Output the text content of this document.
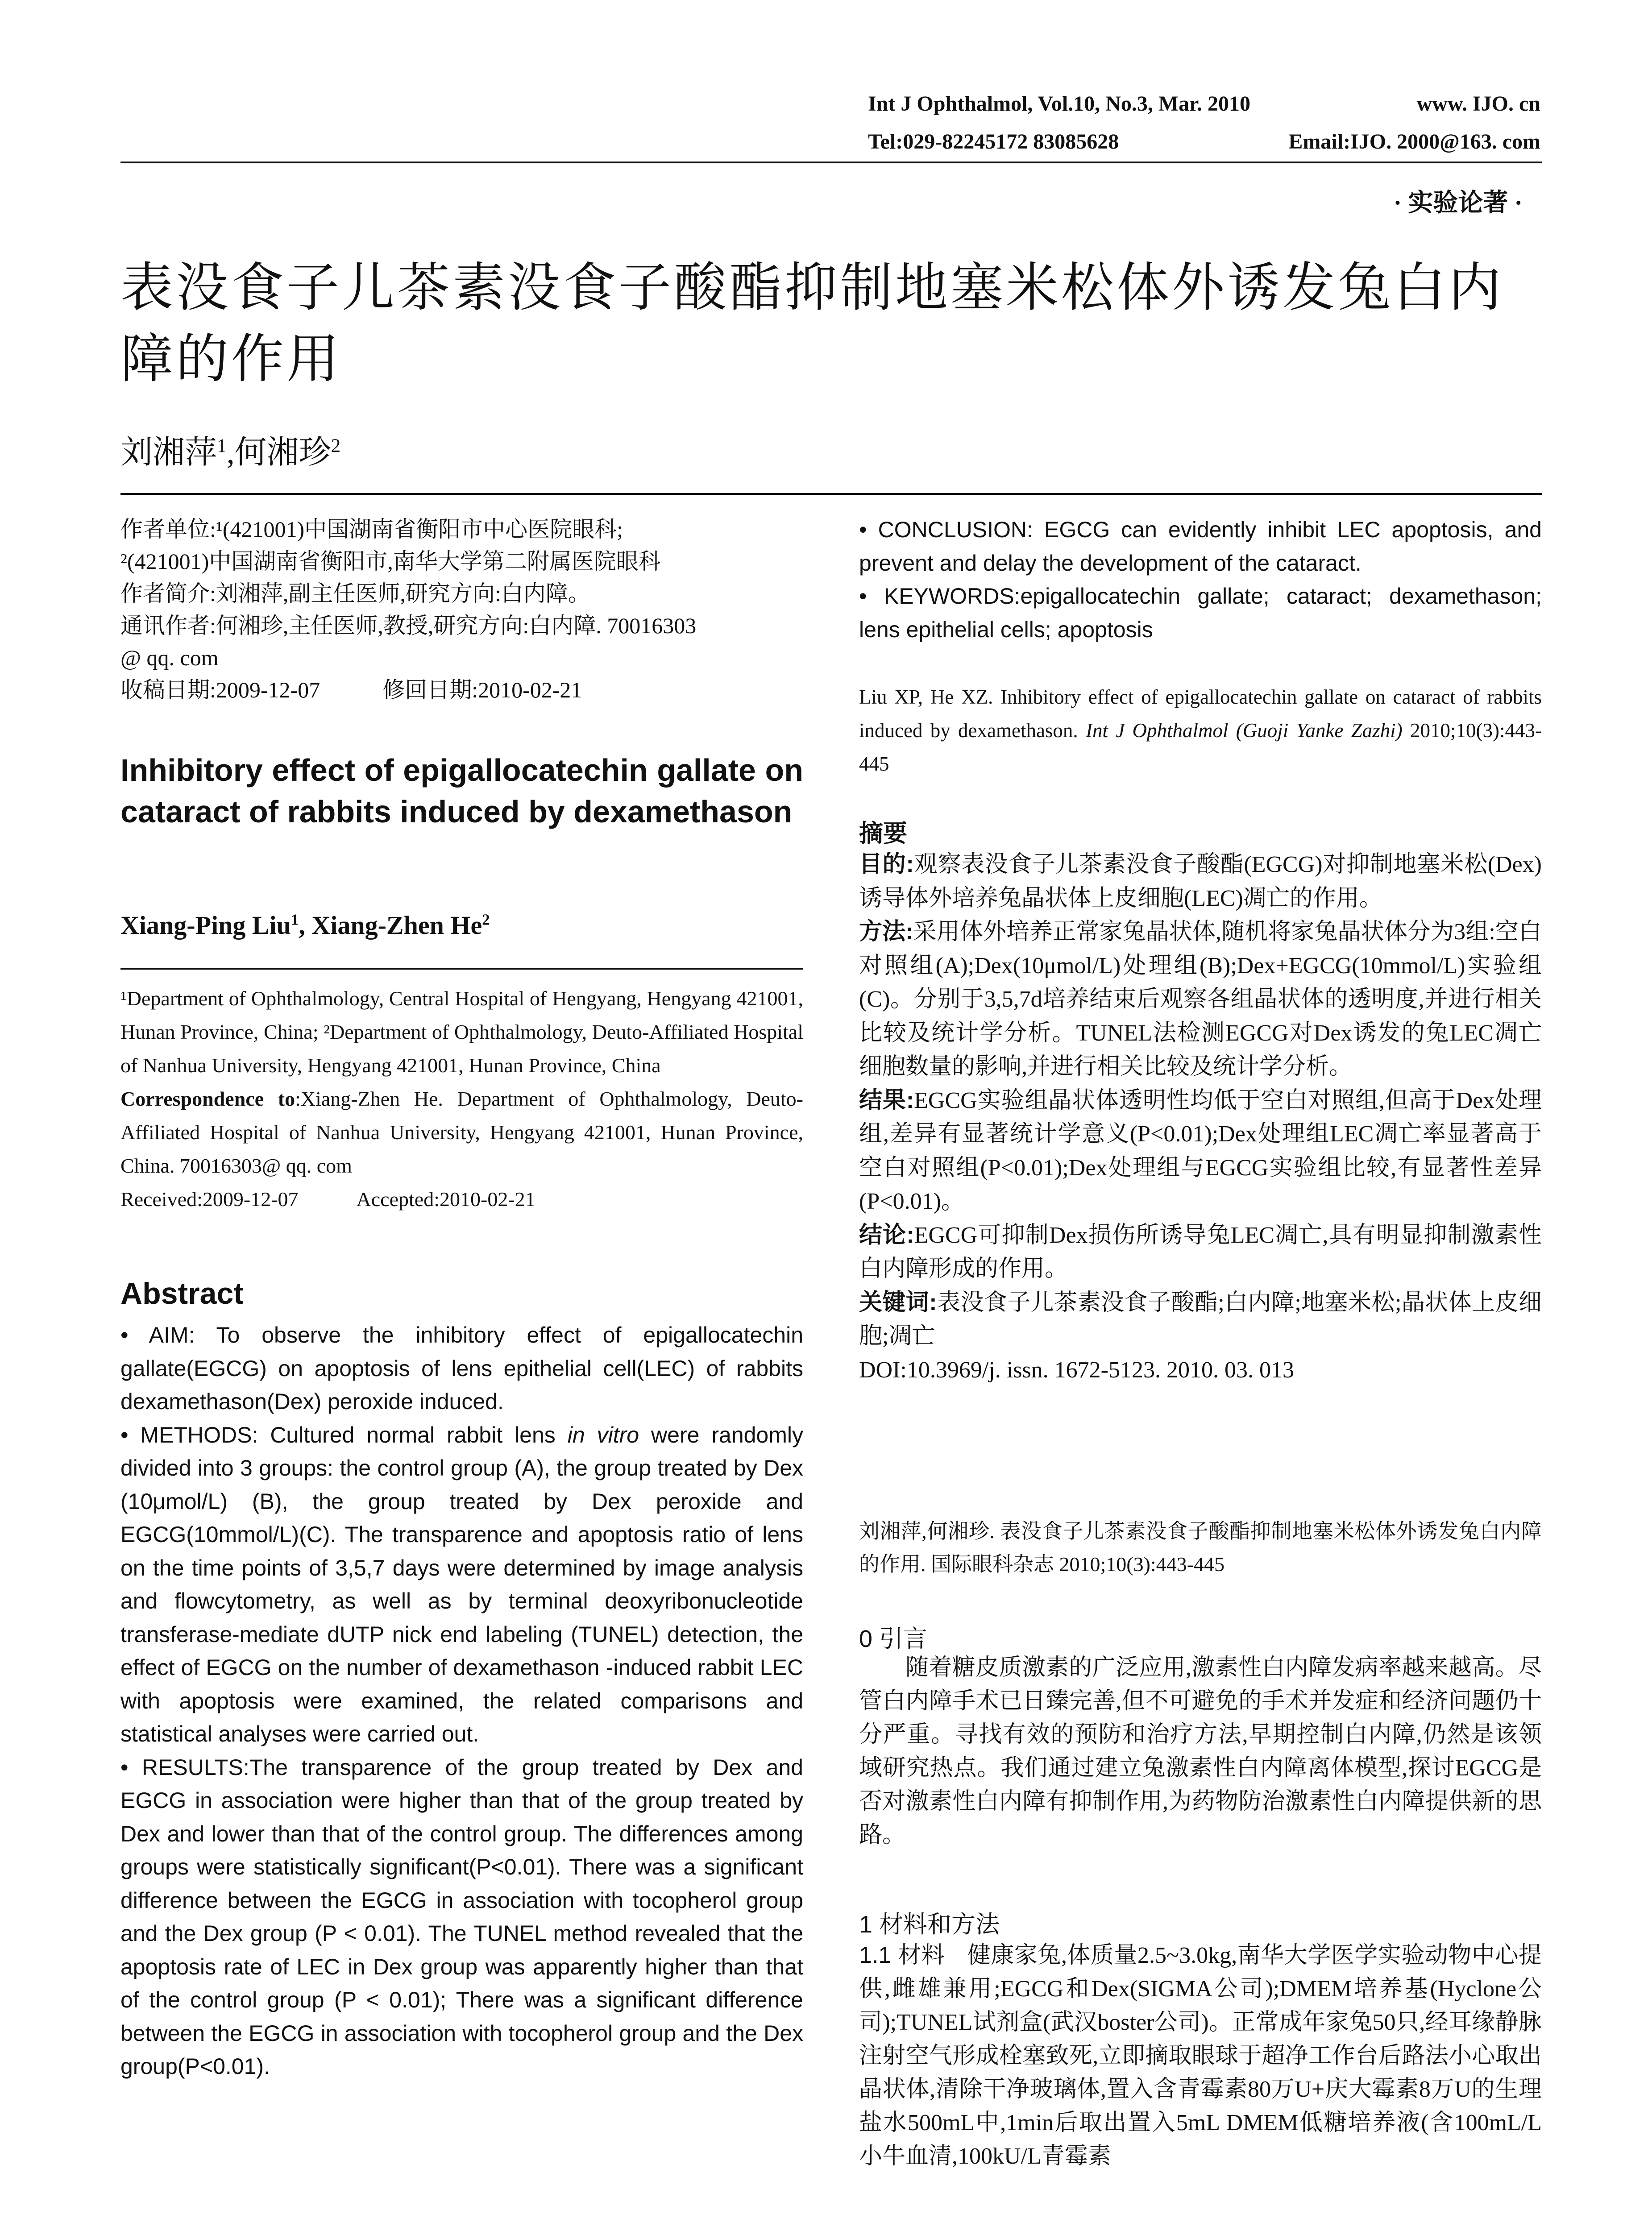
Int J Ophthalmol, Vol.10, No.3, Mar. 2010	www. IJO. cn
Tel:029-82245172 83085628	Email:IJO. 2000@163. com
· 实验论著 ·
表没食子儿茶素没食子酸酯抑制地塞米松体外诱发兔白内障的作用
刘湘萍$^1$,何湘珍$^2$

作者单位:¹(421001)中国湖南省衡阳市中心医院眼科;

²(421001)中国湖南省衡阳市,南华大学第二附属医院眼科

作者简介:刘湘萍,副主任医师,研究方向:白内障。

通讯作者:何湘珍,主任医师,教授,研究方向:白内障. 70016303

@ qq. com

收稿日期:2009-12-07	修回日期:2010-02-21

Inhibitory effect of epigallocatechin gallate on cataract of rabbits induced by dexamethason
Xiang-Ping Liu$^1$, Xiang-Zhen He$^2$

¹Department of Ophthalmology, Central Hospital of Hengyang, Hengyang 421001, Hunan Province, China; ²Department of Ophthalmology, Deuto-Affiliated Hospital of Nanhua University, Hengyang 421001, Hunan Province, China

Correspondence to:Xiang-Zhen He. Department of Ophthalmology, Deuto-Affiliated Hospital of Nanhua University, Hengyang 421001, Hunan Province, China. 70016303@ qq. com

Received:2009-12-07	Accepted:2010-02-21

Abstract

• AIM: To observe the inhibitory effect of epigallocatechin gallate(EGCG) on apoptosis of lens epithelial cell(LEC) of rabbits dexamethason(Dex) peroxide induced.

• METHODS: Cultured normal rabbit lens in vitro were randomly divided into 3 groups: the control group (A), the group treated by Dex (10μmol/L) (B), the group treated by Dex peroxide and EGCG(10mmol/L)(C). The transparence and apoptosis ratio of lens on the time points of 3,5,7 days were determined by image analysis and flowcytometry, as well as by terminal deoxyribonucleotide transferase-mediate dUTP nick end labeling (TUNEL) detection, the effect of EGCG on the number of dexamethason -induced rabbit LEC with apoptosis were examined, the related comparisons and statistical analyses were carried out.

• RESULTS:The transparence of the group treated by Dex and EGCG in association were higher than that of the group treated by Dex and lower than that of the control group. The differences among groups were statistically significant(P<0.01). There was a significant difference between the EGCG in association with tocopherol group and the Dex group (P < 0.01). The TUNEL method revealed that the apoptosis rate of LEC in Dex group was apparently higher than that of the control group (P < 0.01); There was a significant difference between the EGCG in association with tocopherol group and the Dex group(P<0.01).

• CONCLUSION: EGCG can evidently inhibit LEC apoptosis, and prevent and delay the development of the cataract.

• KEYWORDS:epigallocatechin gallate; cataract; dexamethason; lens epithelial cells; apoptosis

Liu XP, He XZ. Inhibitory effect of epigallocatechin gallate on cataract of rabbits induced by dexamethason. Int J Ophthalmol (Guoji Yanke Zazhi) 2010;10(3):443-445
摘要

目的:观察表没食子儿茶素没食子酸酯(EGCG)对抑制地塞米松(Dex)诱导体外培养兔晶状体上皮细胞(LEC)凋亡的作用。

方法:采用体外培养正常家兔晶状体,随机将家兔晶状体分为3组:空白对照组(A);Dex(10μmol/L)处理组(B);Dex+EGCG(10mmol/L)实验组(C)。分别于3,5,7d培养结束后观察各组晶状体的透明度,并进行相关比较及统计学分析。TUNEL法检测EGCG对Dex诱发的兔LEC凋亡细胞数量的影响,并进行相关比较及统计学分析。

结果:EGCG实验组晶状体透明性均低于空白对照组,但高于Dex处理组,差异有显著统计学意义(P<0.01);Dex处理组LEC凋亡率显著高于空白对照组(P<0.01);Dex处理组与EGCG实验组比较,有显著性差异(P<0.01)。

结论:EGCG可抑制Dex损伤所诱导兔LEC凋亡,具有明显抑制激素性白内障形成的作用。

关键词:表没食子儿茶素没食子酸酯;白内障;地塞米松;晶状体上皮细胞;凋亡

DOI:10.3969/j. issn. 1672-5123. 2010. 03. 013

刘湘萍,何湘珍. 表没食子儿茶素没食子酸酯抑制地塞米松体外诱发兔白内障的作用. 国际眼科杂志 2010;10(3):443-445
0 引言
随着糖皮质激素的广泛应用,激素性白内障发病率越来越高。尽管白内障手术已日臻完善,但不可避免的手术并发症和经济问题仍十分严重。寻找有效的预防和治疗方法,早期控制白内障,仍然是该领域研究热点。我们通过建立兔激素性白内障离体模型,探讨EGCG是否对激素性白内障有抑制作用,为药物防治激素性白内障提供新的思路。
1 材料和方法
1.1 材料 健康家兔,体质量2.5~3.0kg,南华大学医学实验动物中心提供,雌雄兼用;EGCG和Dex(SIGMA公司);DMEM培养基(Hyclone公司);TUNEL试剂盒(武汉boster公司)。正常成年家兔50只,经耳缘静脉注射空气形成栓塞致死,立即摘取眼球于超净工作台后路法小心取出晶状体,清除干净玻璃体,置入含青霉素80万U+庆大霉素8万U的生理盐水500mL中,1min后取出置入5mL DMEM低糖培养液(含100mL/L小牛血清,100kU/L青霉素
